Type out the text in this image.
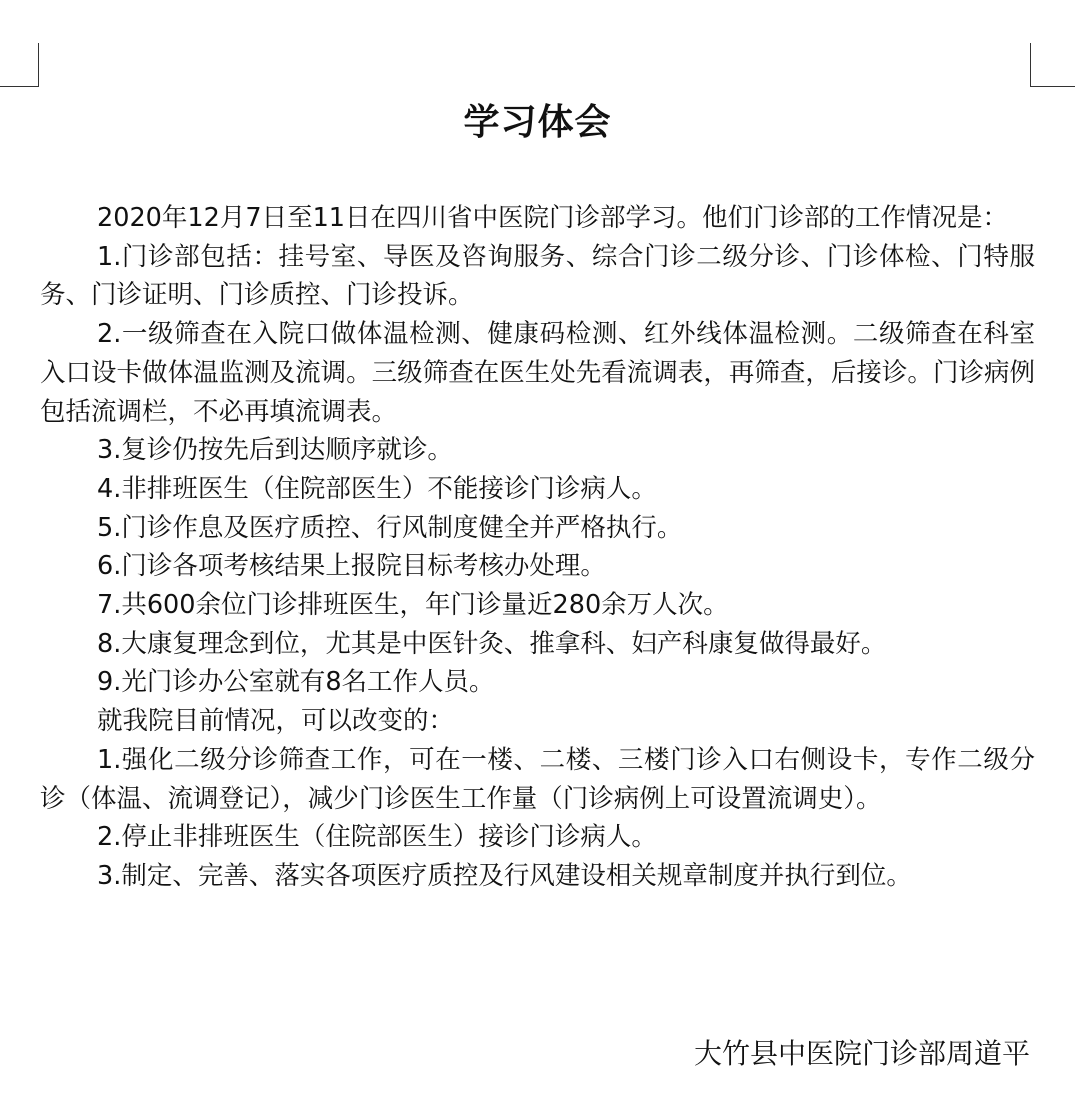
学习体会

2020年12月7日至11日在四川省中医院门诊部学习。他们门诊部的工作情况是：

1.门诊部包括：挂号室、导医及咨询服务、综合门诊二级分诊、门诊体检、门特服务、门诊证明、门诊质控、门诊投诉。

2.一级筛查在入院口做体温检测、健康码检测、红外线体温检测。二级筛查在科室入口设卡做体温监测及流调。三级筛查在医生处先看流调表，再筛查，后接诊。门诊病例包括流调栏，不必再填流调表。

3.复诊仍按先后到达顺序就诊。

4.非排班医生（住院部医生）不能接诊门诊病人。

5.门诊作息及医疗质控、行风制度健全并严格执行。

6.门诊各项考核结果上报院目标考核办处理。

7.共600余位门诊排班医生，年门诊量近280余万人次。

8.大康复理念到位，尤其是中医针灸、推拿科、妇产科康复做得最好。

9.光门诊办公室就有8名工作人员。

就我院目前情况，可以改变的：

1.强化二级分诊筛查工作，可在一楼、二楼、三楼门诊入口右侧设卡，专作二级分诊（体温、流调登记），减少门诊医生工作量（门诊病例上可设置流调史）。

2.停止非排班医生（住院部医生）接诊门诊病人。

3.制定、完善、落实各项医疗质控及行风建设相关规章制度并执行到位。

大竹县中医院门诊部周道平
